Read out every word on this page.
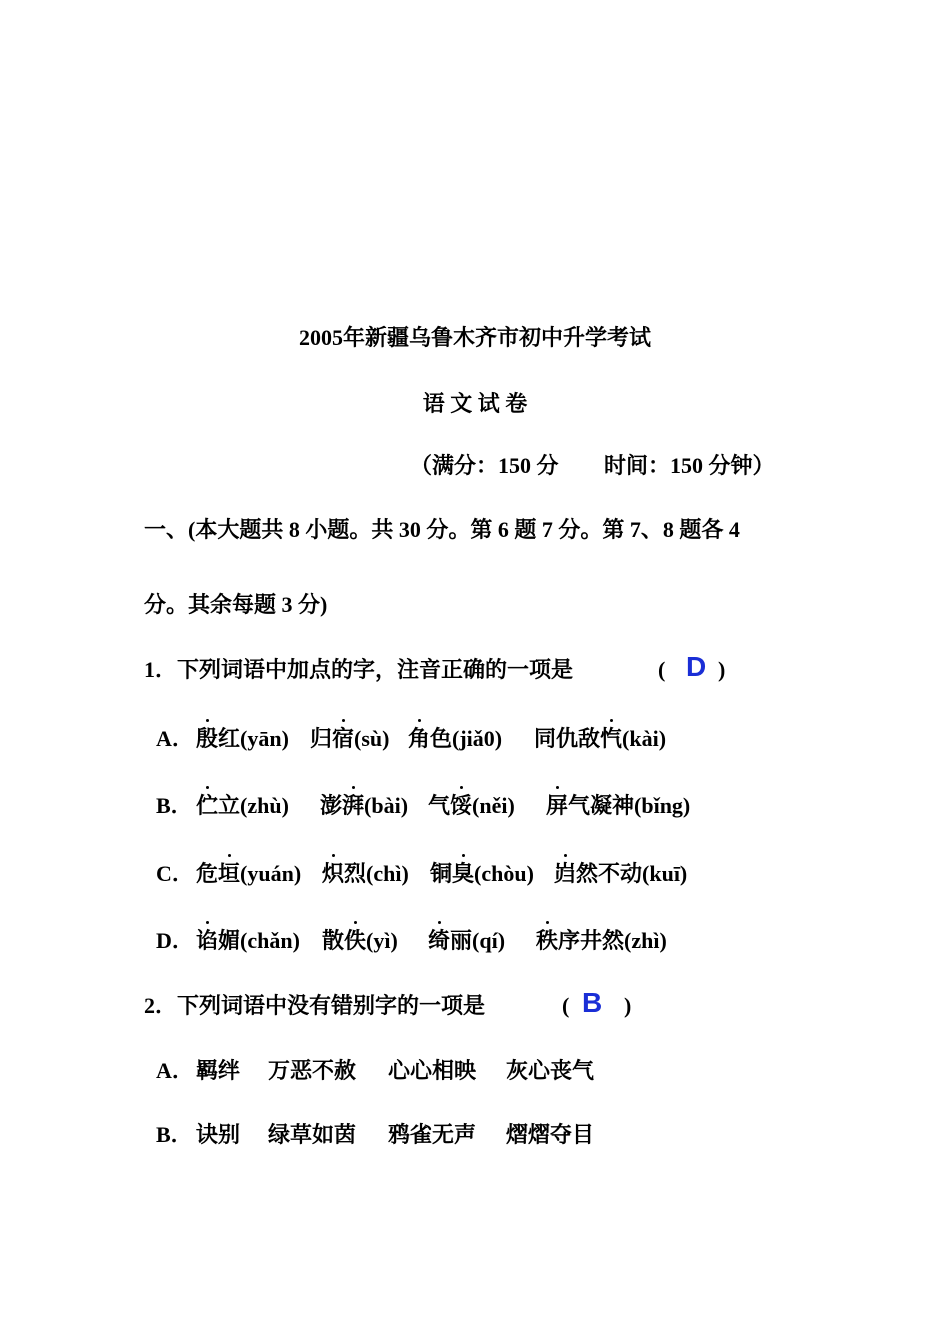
2005年新疆乌鲁木齐市初中升学考试
语 文 试 卷
（满分：150 分 时间：150 分钟）
一、(本大题共 8 小题。共 30 分。第 6 题 7 分。第 7、8 题各 4
分。其余每题 3 分)
1．下列词语中加点的字，注音正确的一项是	( D )
A． 殷红(yān) 归宿(sù) 角色(jiǎ0) 同仇敌忾(kài)
B． 伫立(zhù) 澎湃(bài) 气馁(něi) 屏气凝神(bǐng)
C． 危垣(yuán) 炽烈(chì) 铜臭(chòu) 岿然不动(kuī)
D． 谄媚(chǎn) 散佚(yì) 绮丽(qí) 秩序井然(zhì)
2．下列词语中没有错别字的一项是	( B )
A． 羁绊 万恶不赦 心心相映 灰心丧气
B． 诀别 绿草如茵 鸦雀无声 熠熠夺目
